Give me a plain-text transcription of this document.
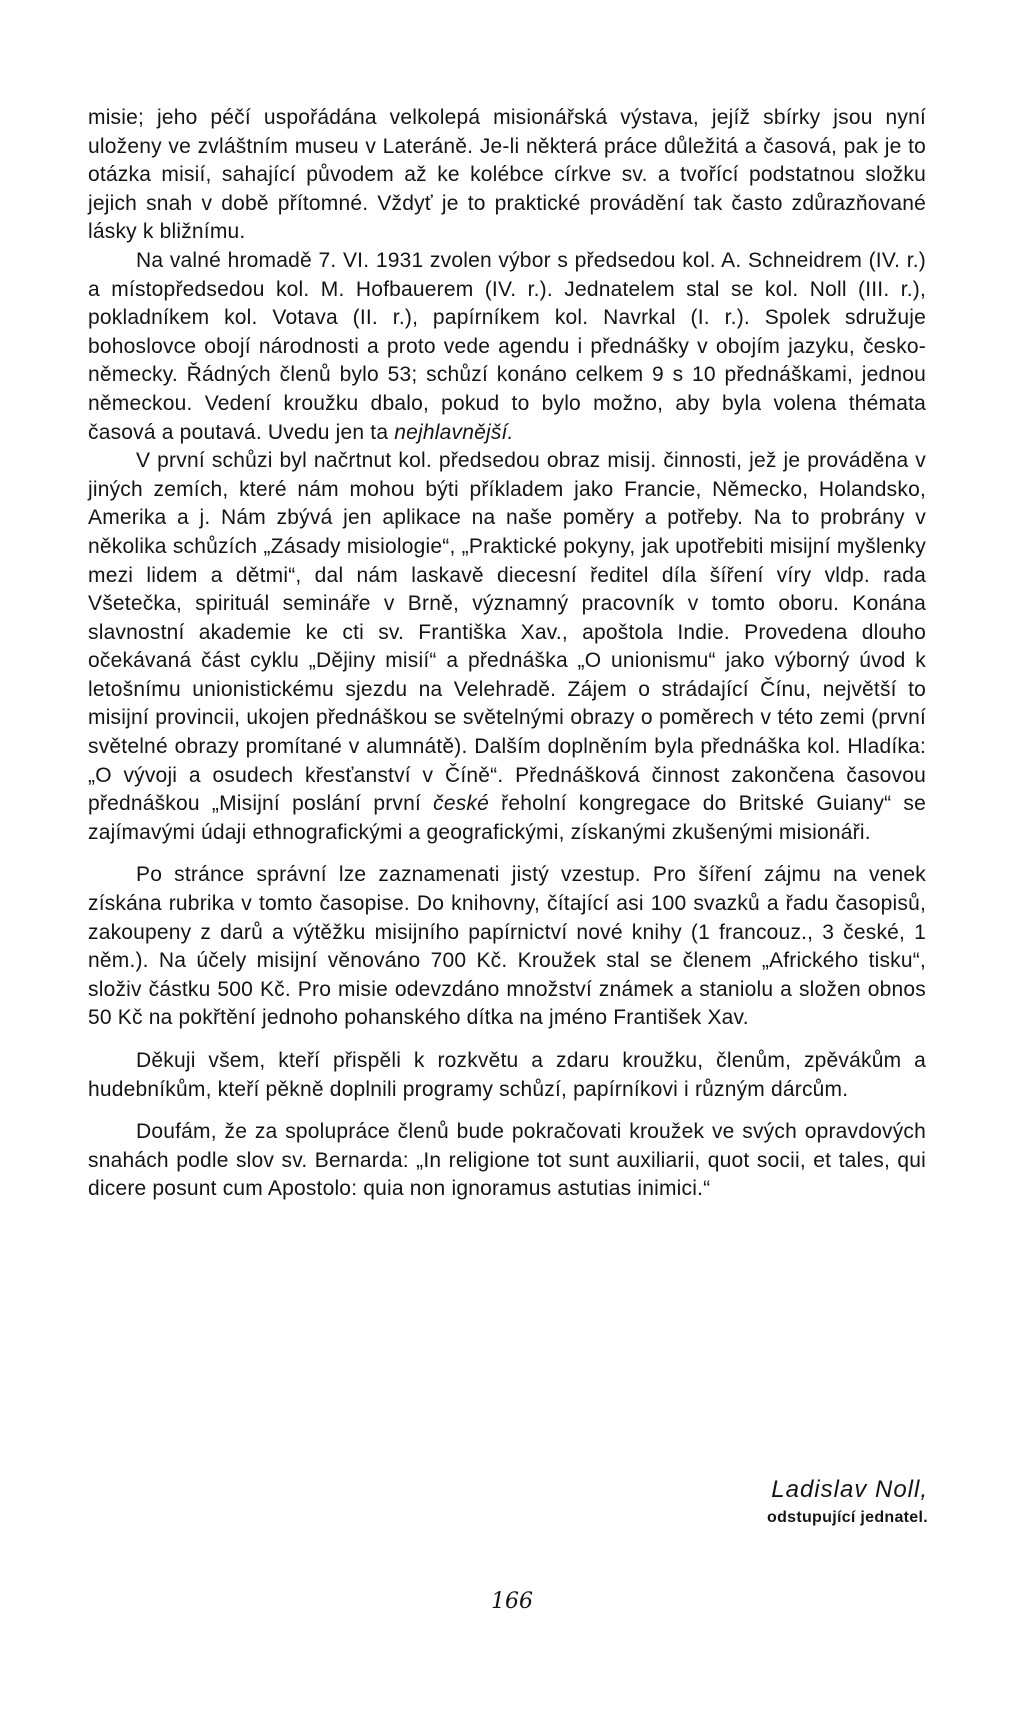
misie; jeho péčí uspořádána velkolepá misionářská výstava, jejíž sbírky jsou nyní uloženy ve zvláštním museu v Lateráně. Je-li některá práce důležitá a časová, pak je to otázka misií, sahající původem až ke kolébce církve sv. a tvořící podstatnou složku jejich snah v době přítomné. Vždyť je to praktické provádění tak často zdůrazňované lásky k bližnímu.

Na valné hromadě 7. VI. 1931 zvolen výbor s předsedou kol. A. Schneidrem (IV. r.) a místopředsedou kol. M. Hofbauerem (IV. r.). Jednatelem stal se kol. Noll (III. r.), pokladníkem kol. Votava (II. r.), papírníkem kol. Navrkal (I. r.). Spolek sdružuje bohoslovce obojí národnosti a proto vede agendu i přednášky v obojím jazyku, česko-německy. Řádných členů bylo 53; schůzí konáno celkem 9 s 10 přednáškami, jednou německou. Vedení kroužku dbalo, pokud to bylo možno, aby byla volena thémata časová a poutavá. Uvedu jen ta nejhlavnější.

V první schůzi byl načrtnut kol. předsedou obraz misij. činnosti, jež je prováděna v jiných zemích, které nám mohou býti příkladem jako Francie, Německo, Holandsko, Amerika a j. Nám zbývá jen aplikace na naše poměry a potřeby. Na to probrány v několika schůzích „Zásady misiologie“, „Praktické pokyny, jak upotřebiti misijní myšlenky mezi lidem a dětmi“, dal nám laskavě diecesní ředitel díla šíření víry vldp. rada Všetečka, spirituál semináře v Brně, významný pracovník v tomto oboru. Konána slavnostní akademie ke cti sv. Františka Xav., apoštola Indie. Provedena dlouho očekávaná část cyklu „Dějiny misií“ a přednáška „O unionismu“ jako výborný úvod k letošnímu unionistickému sjezdu na Velehradě. Zájem o strádající Čínu, největší to misijní provincii, ukojen přednáškou se světelnými obrazy o poměrech v této zemi (první světelné obrazy promítané v alumnátě). Dalším doplněním byla přednáška kol. Hladíka: „O vývoji a osudech křesťanství v Číně“. Přednášková činnost zakončena časovou přednáškou „Misijní poslání první české řeholní kongregace do Britské Guiany“ se zajímavými údaji ethnografickými a geografickými, získanými zkušenými misionáři.

Po stránce správní lze zaznamenati jistý vzestup. Pro šíření zájmu na venek získána rubrika v tomto časopise. Do knihovny, čítající asi 100 svazků a řadu časopisů, zakoupeny z darů a výtěžku misijního papírnictví nové knihy (1 francouz., 3 české, 1 něm.). Na účely misijní věnováno 700 Kč. Kroužek stal se členem „Afrického tisku“, složiv částku 500 Kč. Pro misie odevzdáno množství známek a staniolu a složen obnos 50 Kč na pokřtění jednoho pohanského dítka na jméno František Xav.

Děkuji všem, kteří přispěli k rozkvětu a zdaru kroužku, členům, zpěvákům a hudebníkům, kteří pěkně doplnili programy schůzí, papírníkovi i různým dárcům.

Doufám, že za spolupráce členů bude pokračovati kroužek ve svých opravdových snahách podle slov sv. Bernarda: „In religione tot sunt auxiliarii, quot socii, et tales, qui dicere posunt cum Apostolo: quia non ignoramus astutias inimici.“

Ladislav Noll,
odstupující jednatel.
166
